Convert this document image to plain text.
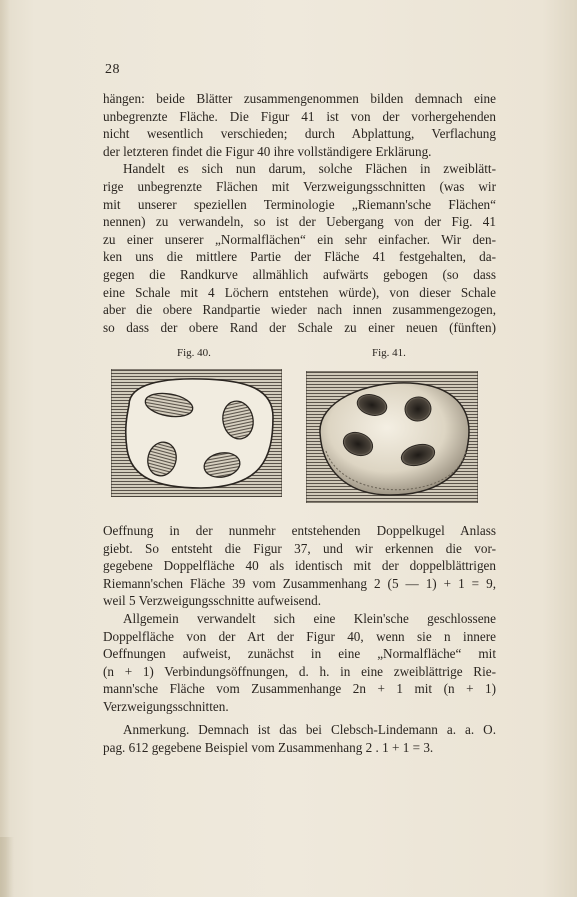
28
hängen: beide Blätter zusammengenommen bilden demnach eine
unbegrenzte Fläche. Die Figur 41 ist von der vorhergehenden
nicht wesentlich verschieden; durch Abplattung, Verflachung
der letzteren findet die Figur 40 ihre vollständigere Erklärung.
Handelt es sich nun darum, solche Flächen in zweiblätt-
rige unbegrenzte Flächen mit Verzweigungsschnitten (was wir
mit unserer speziellen Terminologie „Riemann'sche Flächen“
nennen) zu verwandeln, so ist der Uebergang von der Fig. 41
zu einer unserer „Normalflächen“ ein sehr einfacher. Wir den-
ken uns die mittlere Partie der Fläche 41 festgehalten, da-
gegen die Randkurve allmählich aufwärts gebogen (so dass
eine Schale mit 4 Löchern entstehen würde), von dieser Schale
aber die obere Randpartie wieder nach innen zusammengezogen,
so dass der obere Rand der Schale zu einer neuen (fünften)
Fig. 40.	Fig. 41.
Oeffnung in der nunmehr entstehenden Doppelkugel Anlass
giebt. So entsteht die Figur 37, und wir erkennen die vor-
gegebene Doppelfläche 40 als identisch mit der doppelblättrigen
Riemann'schen Fläche 39 vom Zusammenhang 2 (5 — 1) + 1 = 9,
weil 5 Verzweigungsschnitte aufweisend.
Allgemein verwandelt sich eine Klein'sche geschlossene
Doppelfläche von der Art der Figur 40, wenn sie n innere
Oeffnungen aufweist, zunächst in eine „Normalfläche“ mit
(n + 1) Verbindungsöffnungen, d. h. in eine zweiblättrige Rie-
mann'sche Fläche vom Zusammenhange 2n + 1 mit (n + 1)
Verzweigungsschnitten.
Anmerkung. Demnach ist das bei Clebsch-Lindemann a. a. O.
pag. 612 gegebene Beispiel vom Zusammenhang 2 . 1 + 1 = 3.
